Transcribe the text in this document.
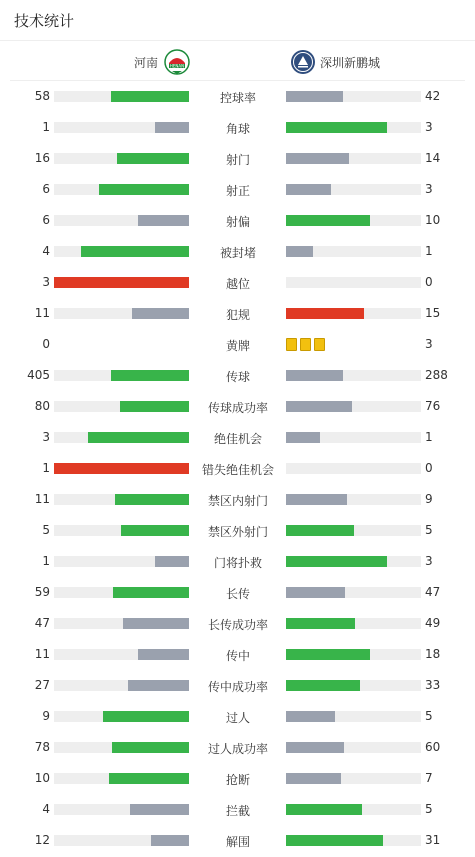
技术统计
河南	HENAN	深圳新鹏城
58	控球率	42
1	角球	3
16	射门	14
6	射正	3
6	射偏	10
4	被封堵	1
3	越位	0
11	犯规	15
0	黄牌	3
405	传球	288
80	传球成功率	76
3	绝佳机会	1
1	错失绝佳机会	0
11	禁区内射门	9
5	禁区外射门	5
1	门将扑救	3
59	长传	47
47	长传成功率	49
11	传中	18
27	传中成功率	33
9	过人	5
78	过人成功率	60
10	抢断	7
4	拦截	5
12	解围	31
